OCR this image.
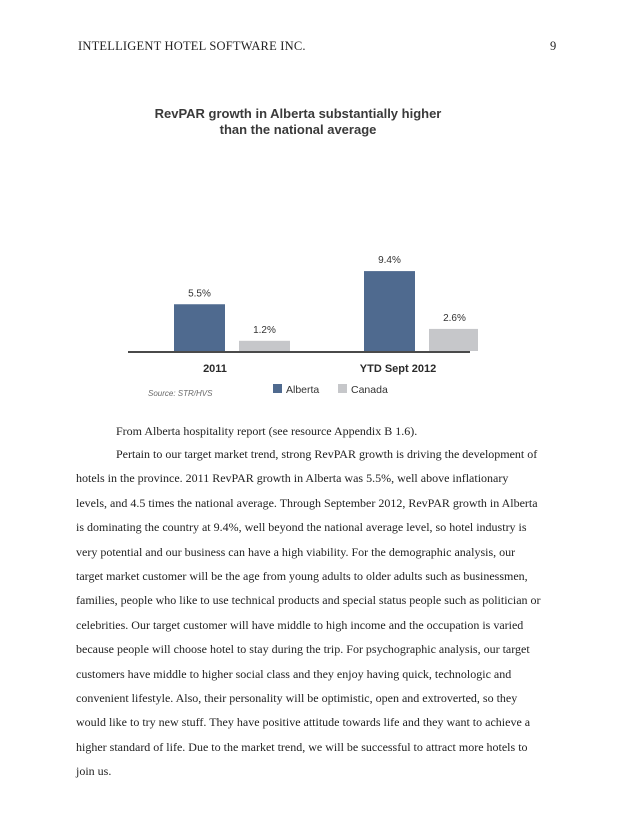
INTELLIGENT HOTEL SOFTWARE INC.	9
RevPAR growth in Alberta substantially higher
than the national average
5.5%
9.4%
1.2%
2.6%
2011	YTD Sept 2012
Source: STR/HVS	Alberta	Canada
From Alberta hospitality report (see resource Appendix B 1.6).
Pertain to our target market trend, strong RevPAR growth is driving the development of
hotels in the province. 2011 RevPAR growth in Alberta was 5.5%, well above inflationary
levels, and 4.5 times the national average. Through September 2012, RevPAR growth in Alberta
is dominating the country at 9.4%, well beyond the national average level, so hotel industry is
very potential and our business can have a high viability. For the demographic analysis, our
target market customer will be the age from young adults to older adults such as businessmen,
families, people who like to use technical products and special status people such as politician or
celebrities. Our target customer will have middle to high income and the occupation is varied
because people will choose hotel to stay during the trip. For psychographic analysis, our target
customers have middle to higher social class and they enjoy having quick, technologic and
convenient lifestyle. Also, their personality will be optimistic, open and extroverted, so they
would like to try new stuff. They have positive attitude towards life and they want to achieve a
higher standard of life. Due to the market trend, we will be successful to attract more hotels to
join us.
